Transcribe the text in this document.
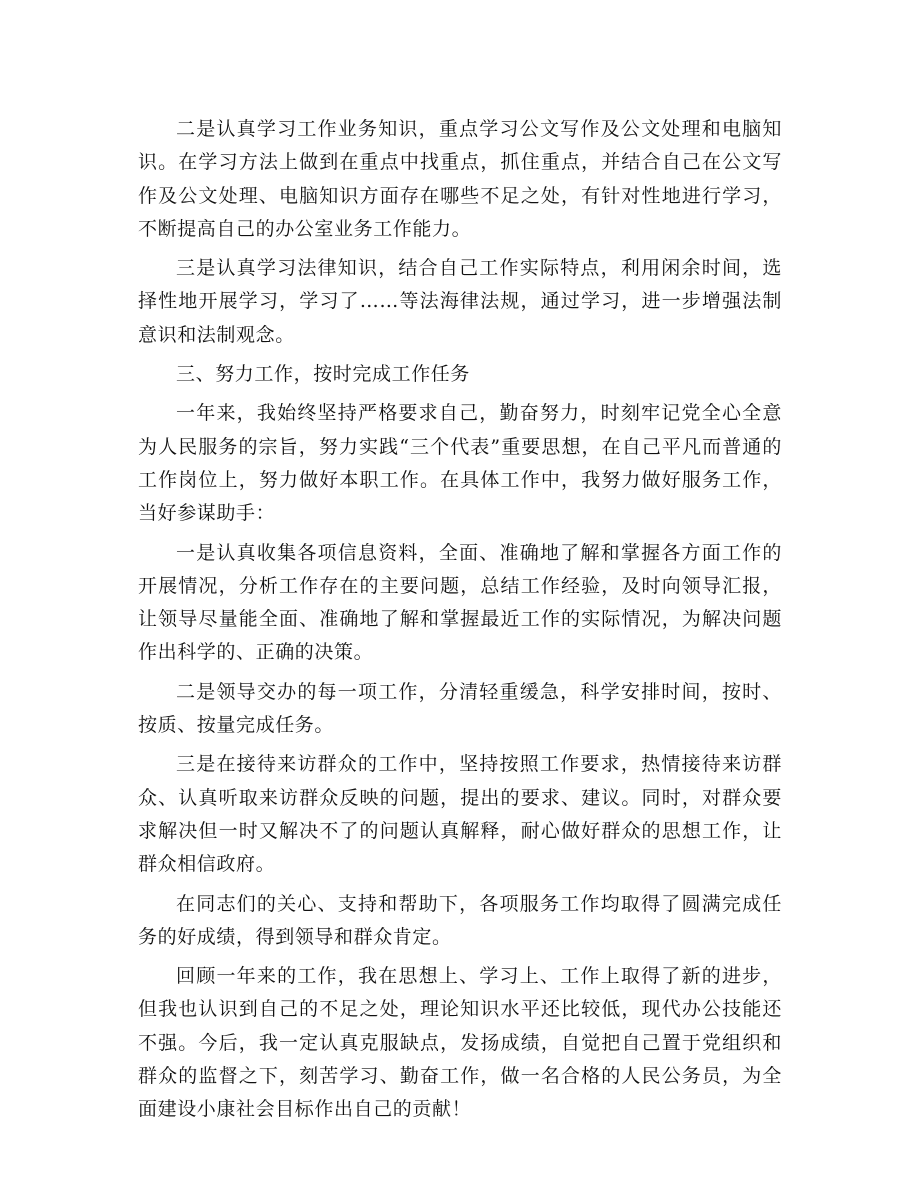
二是认真学习工作业务知识，重点学习公文写作及公文处理和电脑知识。在学习方法上做到在重点中找重点，抓住重点，并结合自己在公文写作及公文处理、电脑知识方面存在哪些不足之处，有针对性地进行学习，不断提高自己的办公室业务工作能力。

三是认真学习法律知识，结合自己工作实际特点，利用闲余时间，选择性地开展学习，学习了……等法海律法规，通过学习，进一步增强法制意识和法制观念。

三、努力工作，按时完成工作任务

一年来，我始终坚持严格要求自己，勤奋努力，时刻牢记党全心全意为人民服务的宗旨，努力实践“三个代表”重要思想，在自己平凡而普通的工作岗位上，努力做好本职工作。在具体工作中，我努力做好服务工作，当好参谋助手：

一是认真收集各项信息资料，全面、准确地了解和掌握各方面工作的开展情况，分析工作存在的主要问题，总结工作经验，及时向领导汇报，让领导尽量能全面、准确地了解和掌握最近工作的实际情况，为解决问题作出科学的、正确的决策。

二是领导交办的每一项工作，分清轻重缓急，科学安排时间，按时、按质、按量完成任务。

三是在接待来访群众的工作中，坚持按照工作要求，热情接待来访群众、认真听取来访群众反映的问题，提出的要求、建议。同时，对群众要求解决但一时又解决不了的问题认真解释，耐心做好群众的思想工作，让群众相信政府。

在同志们的关心、支持和帮助下，各项服务工作均取得了圆满完成任务的好成绩，得到领导和群众肯定。

回顾一年来的工作，我在思想上、学习上、工作上取得了新的进步，但我也认识到自己的不足之处，理论知识水平还比较低，现代办公技能还不强。今后，我一定认真克服缺点，发扬成绩，自觉把自己置于党组织和群众的监督之下，刻苦学习、勤奋工作，做一名合格的人民公务员，为全面建设小康社会目标作出自己的贡献！
